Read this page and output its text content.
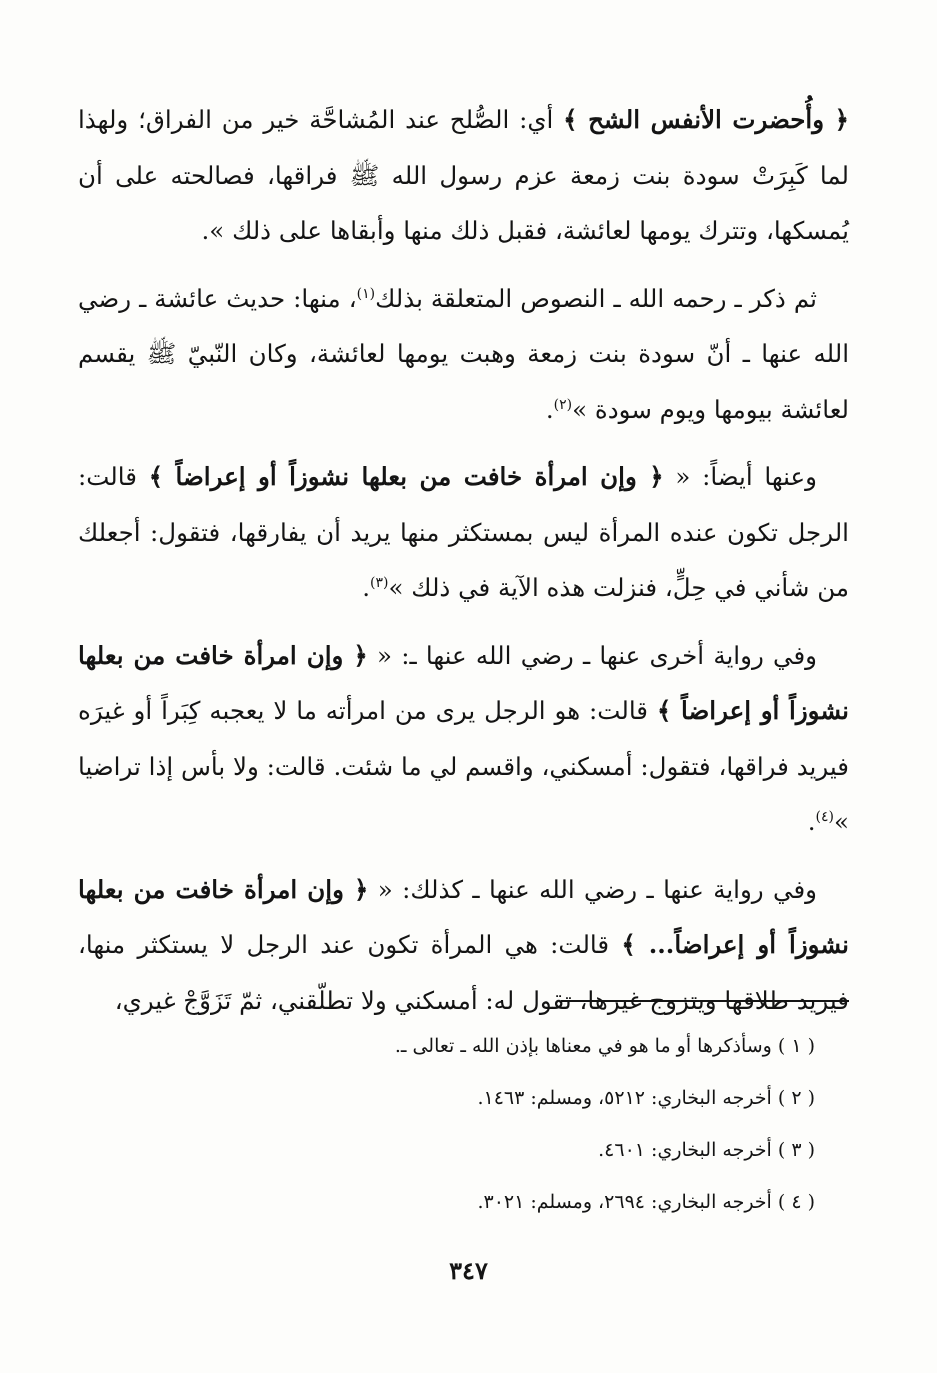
﴿ وأُحضرت الأنفس الشح ﴾ أي: الصُّلح عند المُشاحَّة خير من الفراق؛ ولهذا لما كَبِرَتْ سودة بنت زمعة عزم رسول الله ﷺ فراقها، فصالحته على أن يُمسكها، وتترك يومها لعائشة، فقبل ذلك منها وأبقاها على ذلك ».

ثم ذكر ـ رحمه الله ـ النصوص المتعلقة بذلك$^{(١)}$، منها: حديث عائشة ـ رضي الله عنها ـ أنّ سودة بنت زمعة وهبت يومها لعائشة، وكان النّبيّ ﷺ يقسم لعائشة بيومها ويوم سودة »$^{(٢)}$.

وعنها أيضاً: « ﴿ وإن امرأة خافت من بعلها نشوزاً أو إعراضاً ﴾ قالت: الرجل تكون عنده المرأة ليس بمستكثر منها يريد أن يفارقها، فتقول: أجعلك من شأني في حِلٍّ، فنزلت هذه الآية في ذلك »$^{(٣)}$.

وفي رواية أخرى عنها ـ رضي الله عنها ـ: « ﴿ وإن امرأة خافت من بعلها نشوزاً أو إعراضاً ﴾ قالت: هو الرجل يرى من امرأته ما لا يعجبه كِبَراً أو غيرَه فيريد فراقها، فتقول: أمسكني، واقسم لي ما شئت. قالت: ولا بأس إذا تراضيا »$^{(٤)}$.

وفي رواية عنها ـ رضي الله عنها ـ كذلك: « ﴿ وإن امرأة خافت من بعلها نشوزاً أو إعراضاً... ﴾ قالت: هي المرأة تكون عند الرجل لا يستكثر منها، فيريد طلاقها ويتزوج غيرها، تقول له: أمسكني ولا تطلّقني، ثمّ تَزَوَّجْ غيري،

( ١ ) وسأذكرها أو ما هو في معناها بإذن الله ـ تعالى ـ.
( ٢ ) أخرجه البخاري: ٥٢١٢، ومسلم: ١٤٦٣.
( ٣ ) أخرجه البخاري: ٤٦٠١.
( ٤ ) أخرجه البخاري: ٢٦٩٤، ومسلم: ٣٠٢١.
٣٤٧
